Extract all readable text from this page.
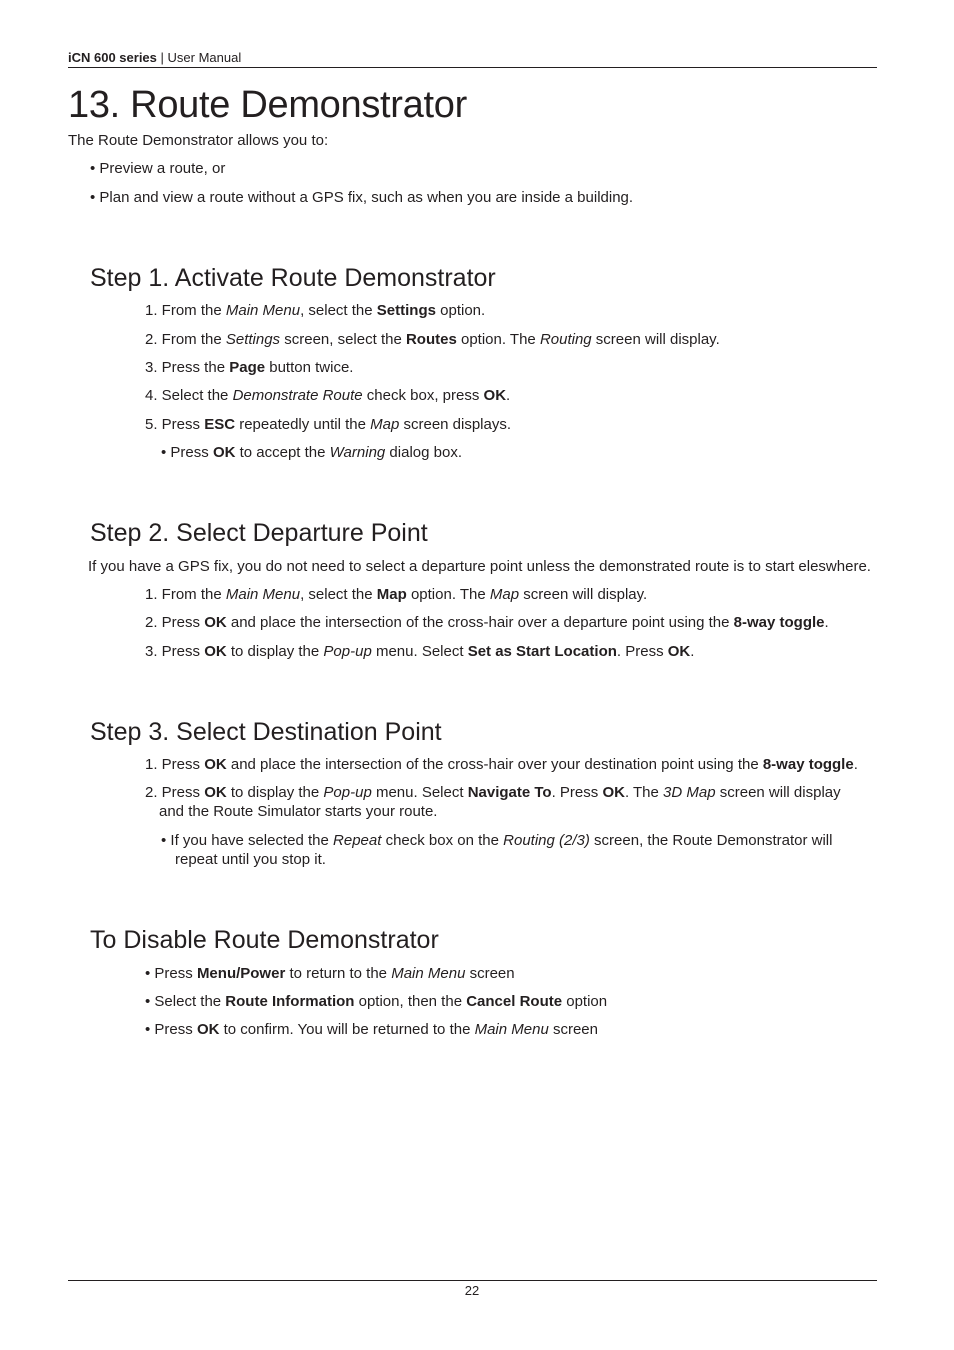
iCN 600 series | User Manual
13. Route Demonstrator
The Route Demonstrator allows you to:
• Preview a route, or
• Plan and view a route without a GPS fix, such as when you are inside a building.
Step 1. Activate Route Demonstrator
1. From the Main Menu, select the Settings option.
2. From the Settings screen, select the Routes option. The Routing screen will display.
3. Press the Page button twice.
4. Select the Demonstrate Route check box, press OK.
5. Press ESC repeatedly until the Map screen displays.
• Press OK to accept the Warning dialog box.
Step 2. Select Departure Point
If you have a GPS fix, you do not need to select a departure point unless the demonstrated route is to start eleswhere.
1. From the Main Menu, select the Map option. The Map screen will display.
2. Press OK and place the intersection of the cross-hair over a departure point using the 8-way toggle.
3. Press OK to display the Pop-up menu. Select Set as Start Location. Press OK.
Step 3. Select Destination Point
1. Press OK and place the intersection of the cross-hair over your destination point using the 8-way toggle.
2. Press OK to display the Pop-up menu. Select Navigate To. Press OK. The 3D Map screen will display
and the Route Simulator starts your route.
• If you have selected the Repeat check box on the Routing (2/3) screen, the Route Demonstrator will
repeat until you stop it.
To Disable Route Demonstrator
• Press Menu/Power to return to the Main Menu screen
• Select the Route Information option, then the Cancel Route option
• Press OK to confirm. You will be returned to the Main Menu screen
22
